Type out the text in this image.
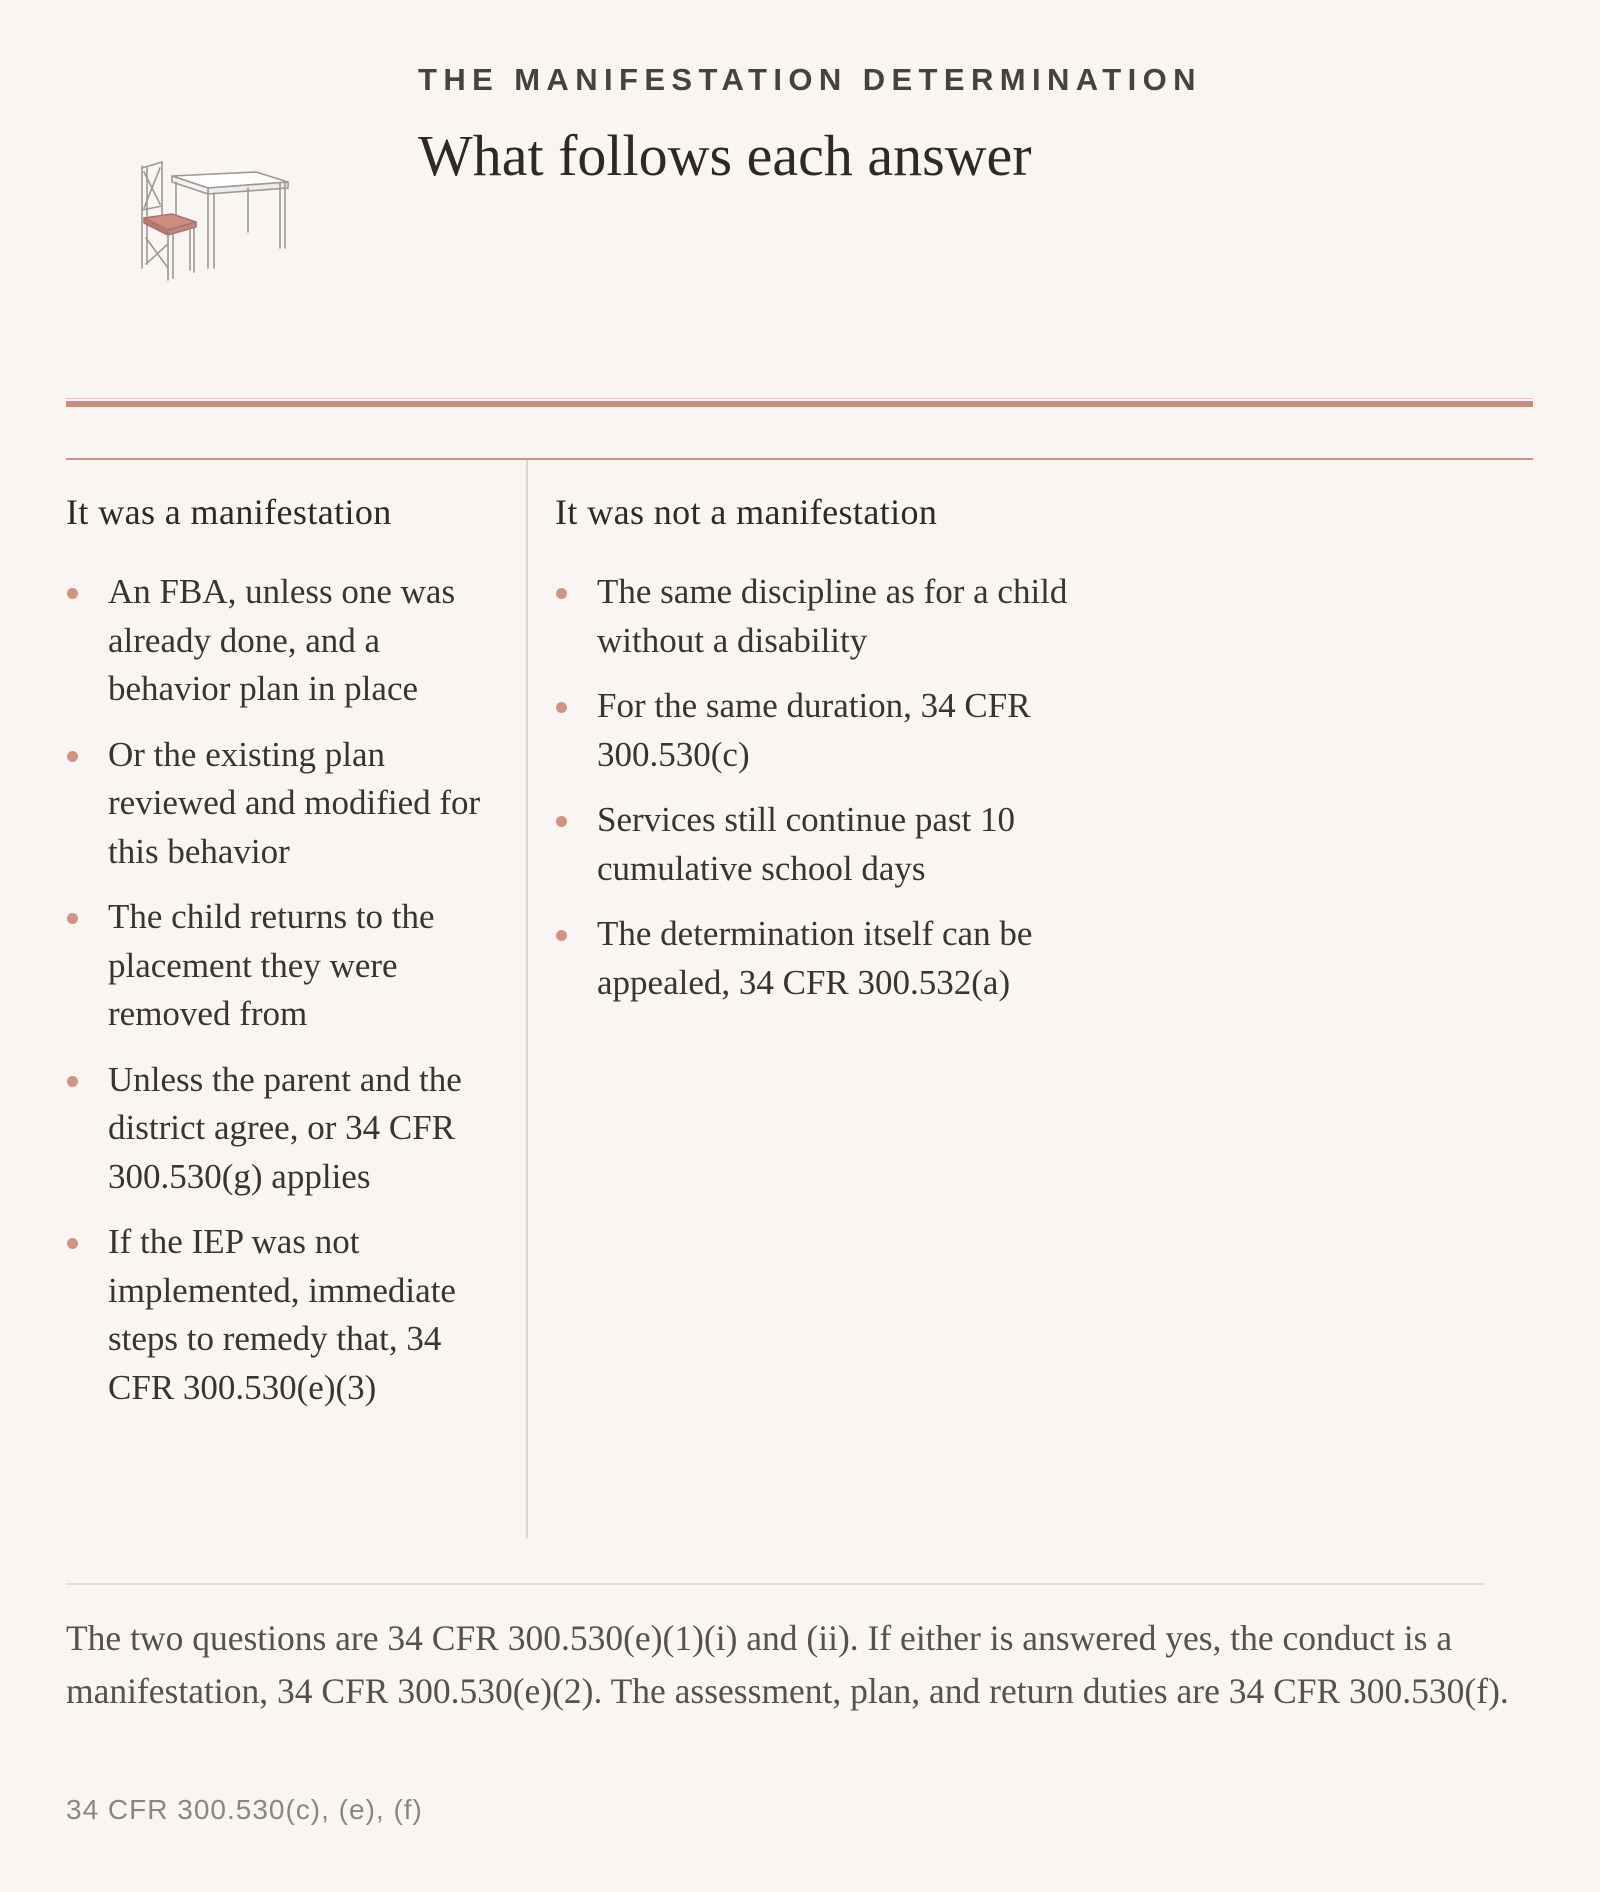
THE MANIFESTATION DETERMINATION
What follows each answer
It was a manifestation
An FBA, unless one was already done, and a behavior plan in place
Or the existing plan reviewed and modified for this behavior
The child returns to the placement they were removed from
Unless the parent and the district agree, or 34 CFR 300.530(g) applies
If the IEP was not implemented, immediate steps to remedy that, 34 CFR 300.530(e)(3)
It was not a manifestation
The same discipline as for a child without a disability
For the same duration, 34 CFR 300.530(c)
Services still continue past 10 cumulative school days
The determination itself can be appealed, 34 CFR 300.532(a)
The two questions are 34 CFR 300.530(e)(1)(i) and (ii). If either is answered yes, the conduct is a manifestation, 34 CFR 300.530(e)(2). The assessment, plan, and return duties are 34 CFR 300.530(f).
34 CFR 300.530(c), (e), (f)
